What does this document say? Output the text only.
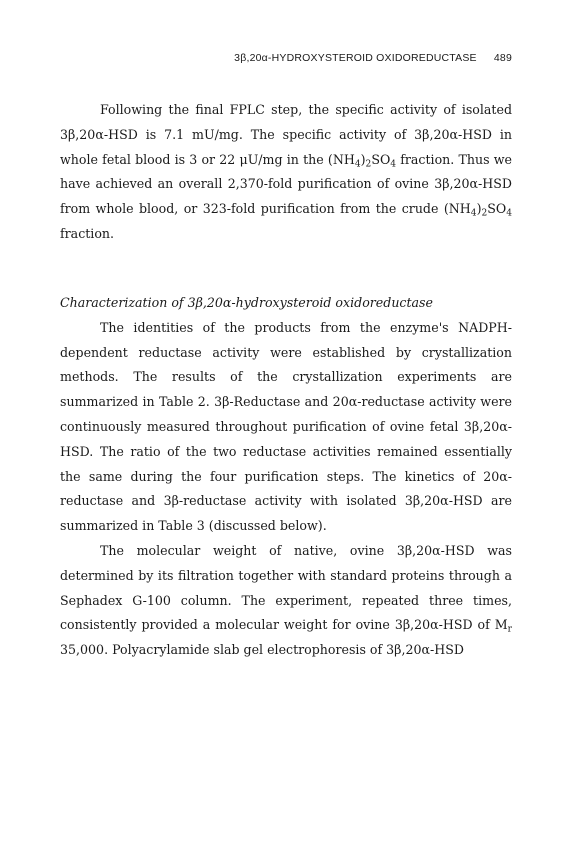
3β,20α-HYDROXYSTEROID OXIDOREDUCTASE 489

Following the final FPLC step, the specific activity of isolated 3β,20α-HSD is 7.1 mU/mg. The specific activity of 3β,20α-HSD in whole fetal blood is 3 or 22 μU/mg in the $(NH_4)_2SO_4$ fraction. Thus we have achieved an overall 2,370-fold purification of ovine 3β,20α-HSD from whole blood, or 323-fold purification from the crude $(NH_4)_2SO_4$ fraction.

Characterization of 3β,20α-hydroxysteroid oxidoreductase

The identities of the products from the enzyme's NADPH-dependent reductase activity were established by crystallization methods. The results of the crystallization experiments are summarized in Table 2. 3β-Reductase and 20α-reductase activity were continuously measured throughout purification of ovine fetal 3β,20α-HSD. The ratio of the two reductase activities remained essentially the same during the four purification steps. The kinetics of 20α-reductase and 3β-reductase activity with isolated 3β,20α-HSD are summarized in Table 3 (discussed below).

The molecular weight of native, ovine 3β,20α-HSD was determined by its filtration together with standard proteins through a Sephadex G-100 column. The experiment, repeated three times, consistently provided a molecular weight for ovine 3β,20α-HSD of $M_r$ 35,000. Polyacrylamide slab gel electrophoresis of 3β,20α-HSD
